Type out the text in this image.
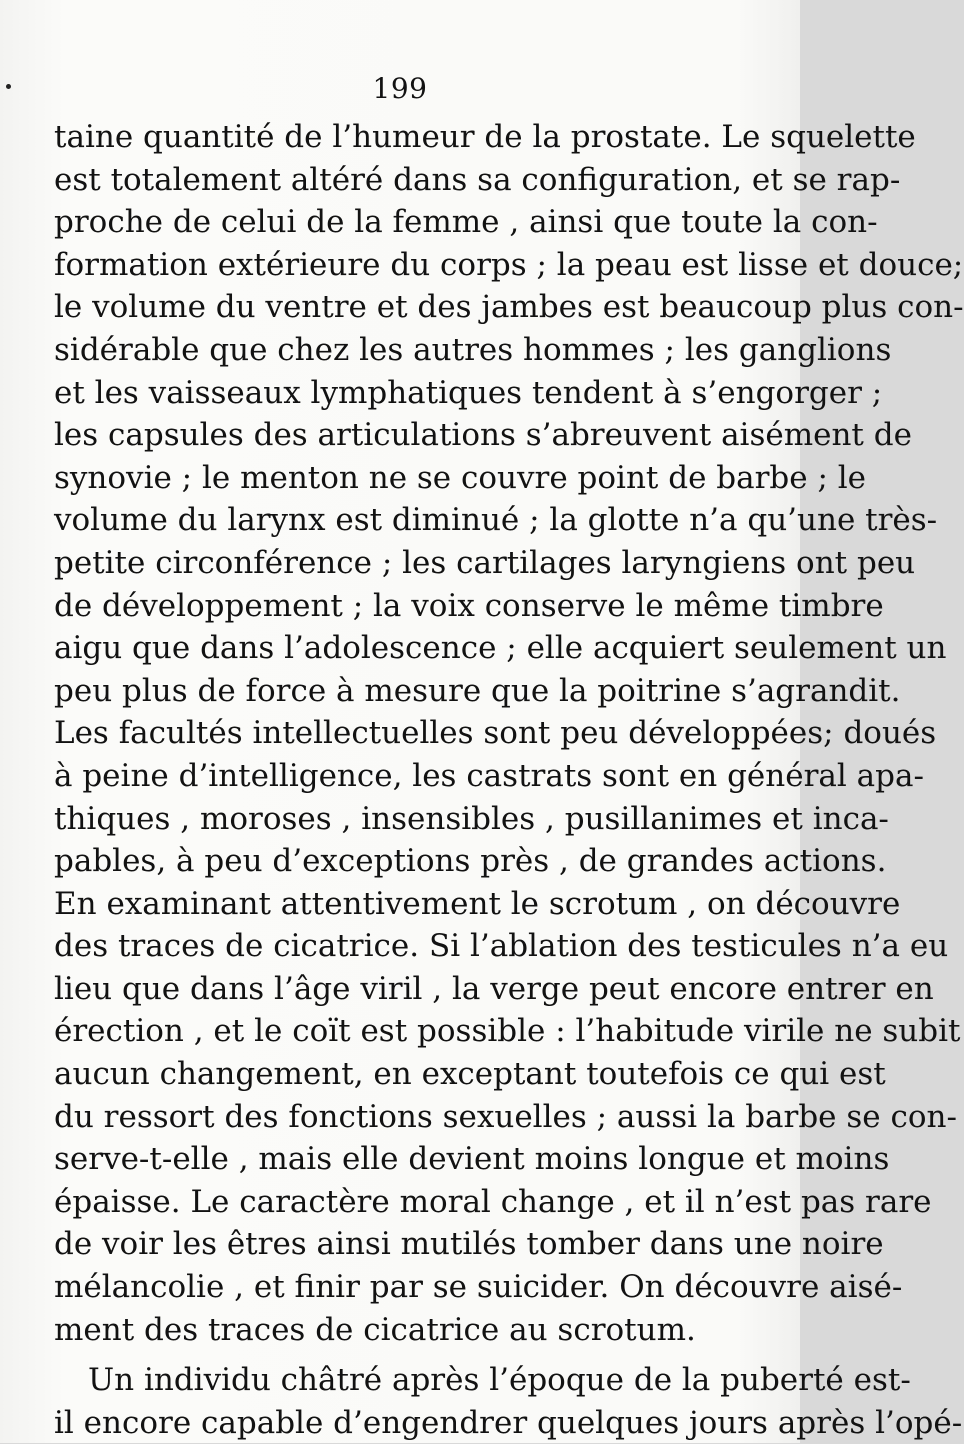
199
taine quantité de l’humeur de la prostate. Le squelette
est totalement altéré dans sa configuration, et se rap-
proche de celui de la femme , ainsi que toute la con-
formation extérieure du corps ; la peau est lisse et douce;
le volume du ventre et des jambes est beaucoup plus con-
sidérable que chez les autres hommes ; les ganglions
et les vaisseaux lymphatiques tendent à s’engorger ;
les capsules des articulations s’abreuvent aisément de
synovie ; le menton ne se couvre point de barbe ; le
volume du larynx est diminué ; la glotte n’a qu’une très-
petite circonférence ; les cartilages laryngiens ont peu
de développement ; la voix conserve le même timbre
aigu que dans l’adolescence ; elle acquiert seulement un
peu plus de force à mesure que la poitrine s’agrandit.
Les facultés intellectuelles sont peu développées; doués
à peine d’intelligence, les castrats sont en général apa-
thiques , moroses , insensibles , pusillanimes et inca-
pables, à peu d’exceptions près , de grandes actions.
En examinant attentivement le scrotum , on découvre
des traces de cicatrice. Si l’ablation des testicules n’a eu
lieu que dans l’âge viril , la verge peut encore entrer en
érection , et le coït est possible : l’habitude virile ne subit
aucun changement, en exceptant toutefois ce qui est
du ressort des fonctions sexuelles ; aussi la barbe se con-
serve-t-elle , mais elle devient moins longue et moins
épaisse. Le caractère moral change , et il n’est pas rare
de voir les êtres ainsi mutilés tomber dans une noire
mélancolie , et finir par se suicider. On découvre aisé-
ment des traces de cicatrice au scrotum.
Un individu châtré après l’époque de la puberté est-
il encore capable d’engendrer quelques jours après l’opé-
